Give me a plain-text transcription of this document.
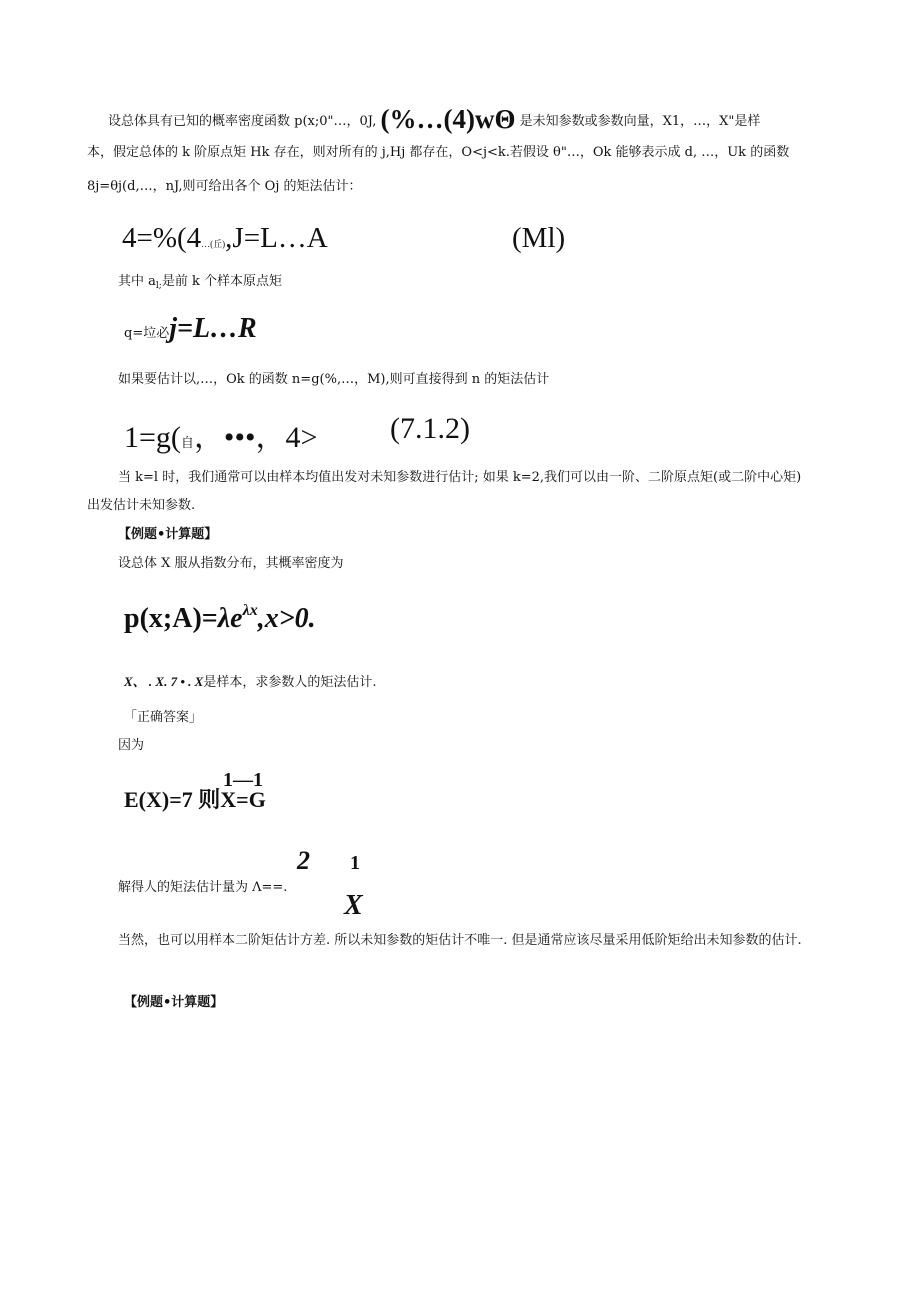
设总体具有已知的概率密度函数 p(x;0"…，0J, (%…(4)wΘ 是未知参数或参数向量，X1，…，X"是样
本，假定总体的 k 阶原点矩 Hk 存在，则对所有的 j,Hj 都存在，O<j<k.若假设 θ"…，Ok 能够表示成 d, …，Uk 的函数
8j=θj(d,…，nJ,则可给出各个 Oj 的矩法估计：
4=%(4…(丘),J=L…A	(Ml)
其中 $a_{l;}$是前 k 个样本原点矩
q=垃必j=L…R
如果要估计以,…，Ok 的函数 n=g(%,…，M),则可直接得到 n 的矩法估计
1=g(自，•••，4> (7.1.2)
当 k=l 时，我们通常可以由样本均值出发对未知参数进行估计; 如果 k=2,我们可以由一阶、二阶原点矩(或二阶中心矩)
出发估计未知参数.
【例题•计算题】
设总体 X 服从指数分布，其概率密度为
$p(x;A)=\lambda e^{\lambda x},x>0$.
X、 . X. 7 • . X是样本，求参数人的矩法估计.
「正确答案」
因为
E(X)=7 则X=G
1—1
解得人的矩法估计量为 Λ==.
2 1
X
当然，也可以用样本二阶矩估计方差. 所以未知参数的矩估计不唯一. 但是通常应该尽量采用低阶矩给出未知参数的估计.
【例题•计算题】
